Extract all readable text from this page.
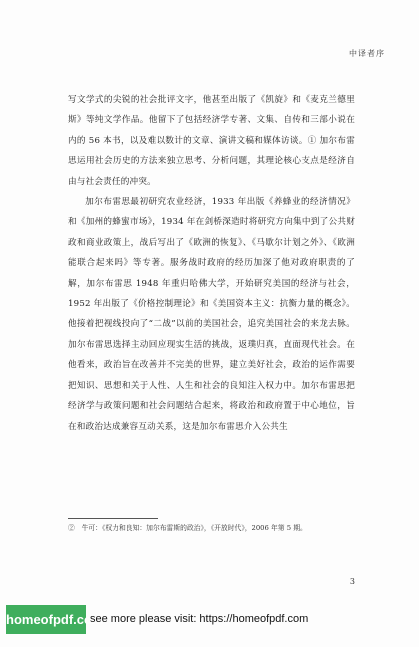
中译者序

写文学式的尖锐的社会批评文字，他甚至出版了《凯旋》和《麦克兰德里斯》等纯文学作品。他留下了包括经济学专著、文集、自传和三部小说在内的 56 本书，以及难以数计的文章、演讲文稿和媒体访谈。① 加尔布雷思运用社会历史的方法来独立思考、分析问题，其理论核心支点是经济自由与社会责任的冲突。

加尔布雷思最初研究农业经济，1933 年出版《养蜂业的经济情况》和《加州的蜂蜜市场》，1934 年在剑桥深造时将研究方向集中到了公共财政和商业政策上，战后写出了《欧洲的恢复》、《马歇尔计划之外》、《欧洲能联合起来吗》等专著。服务战时政府的经历加深了他对政府职责的了解，加尔布雷思 1948 年重归哈佛大学，开始研究美国的经济与社会，1952 年出版了《价格控制理论》和《美国资本主义：抗衡力量的概念》。他接着把视线投向了“二战”以前的美国社会，追究美国社会的来龙去脉。加尔布雷思选择主动回应现实生活的挑战，返璞归真，直面现代社会。在他看来，政治旨在改善并不完美的世界，建立美好社会，政治的运作需要把知识、思想和关于人性、人生和社会的良知注入权力中。加尔布雷思把经济学与政策问题和社会问题结合起来，将政治和政府置于中心地位，旨在和政治达成兼容互动关系，这是加尔布雷思介入公共生

②　牛可：《权力和良知：加尔布雷斯的政治》，《开放时代》，2006 年第 5 期。
3
homeofpdf.com
see more please visit: https://homeofpdf.com
